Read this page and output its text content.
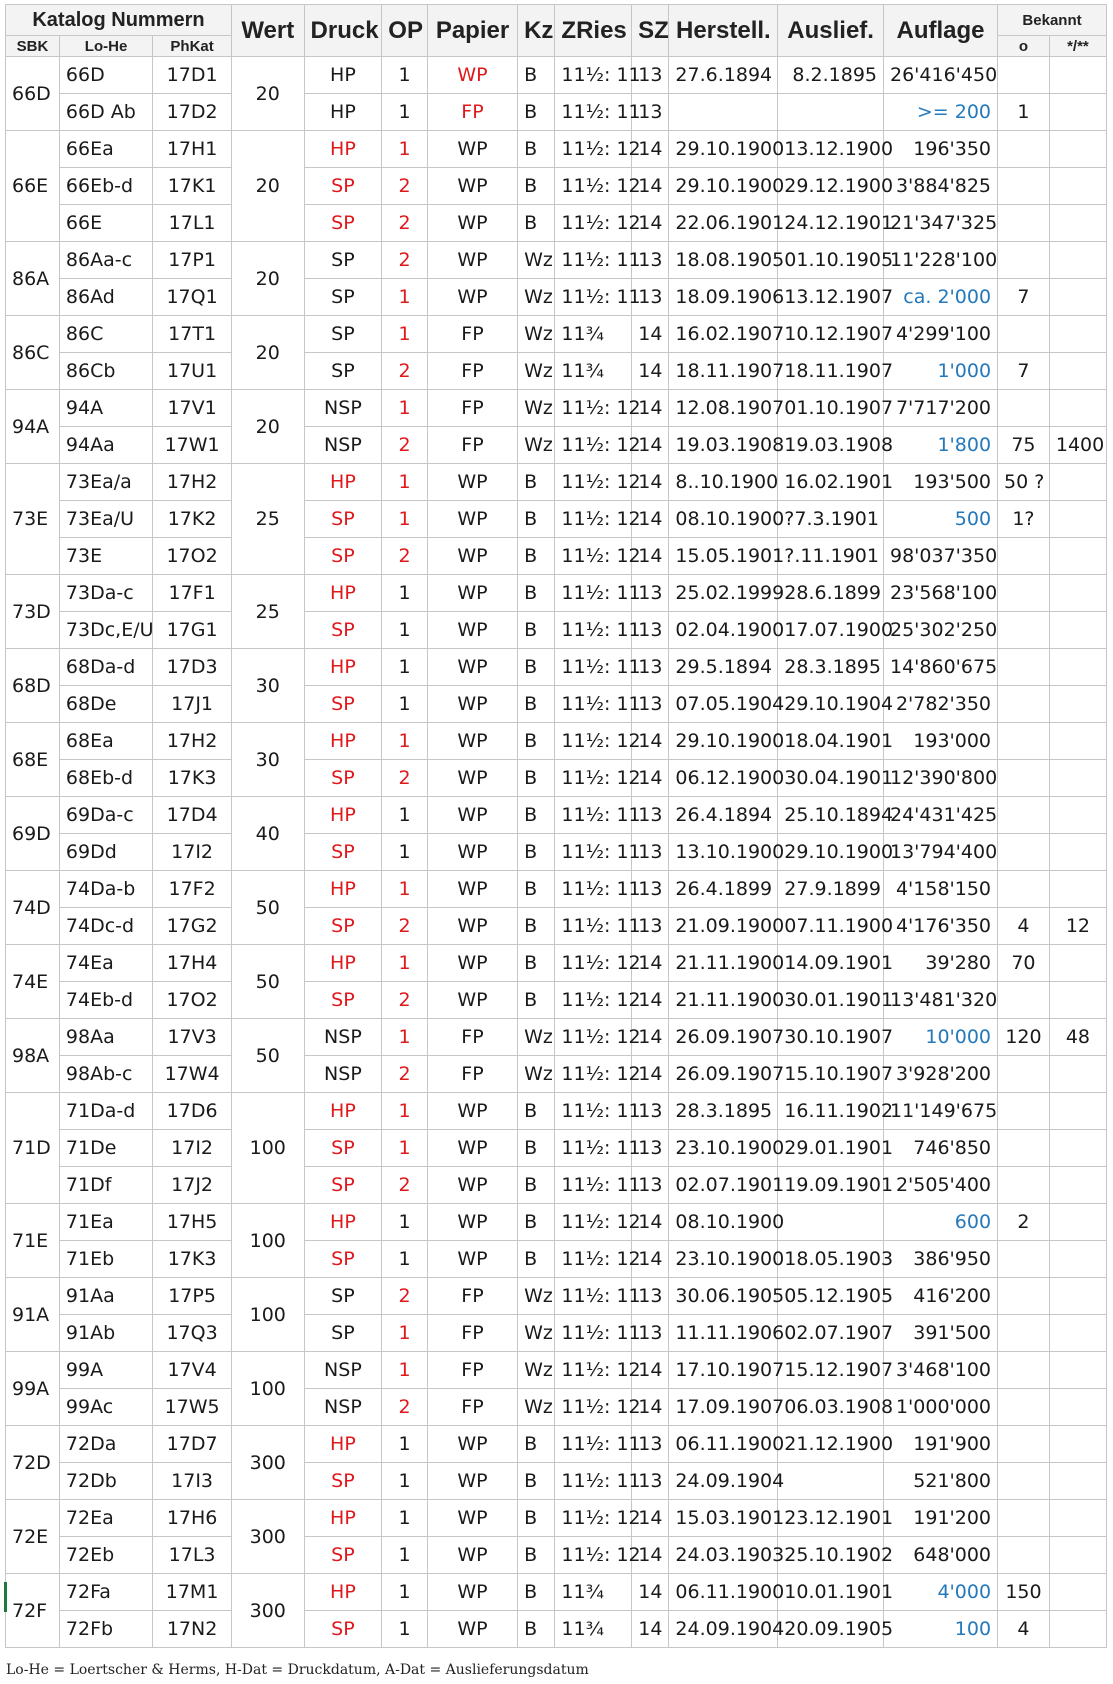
Katalog Nummern			Wert	Druck	OP	Papier	Kz	ZRies	SZ	Herstell.	Auslief.	Auflage	Bekannt	
SBK	Lo-He	PhKat											o	*/**
66D	66D	17D1	20	HP	1	WP	B	11½: 11	13	27.6.1894	8.2.1895	26'416'450		
	66D Ab	17D2		HP	1	FP	B	11½: 11	13			>= 200	1	
66E	66Ea	17H1	20	HP	1	WP	B	11½: 12	14	29.10.1900	13.12.1900	196'350		
	66Eb-d	17K1		SP	2	WP	B	11½: 12	14	29.10.1900	29.12.1900	3'884'825		
	66E	17L1		SP	2	WP	B	11½: 12	14	22.06.1901	24.12.1901	21'347'325		
86A	86Aa-c	17P1	20	SP	2	WP	Wz	11½: 11	13	18.08.1905	01.10.1905	11'228'100		
	86Ad	17Q1		SP	1	WP	Wz	11½: 11	13	18.09.1906	13.12.1907	ca. 2'000	7	
86C	86C	17T1	20	SP	1	FP	Wz	11¾	14	16.02.1907	10.12.1907	4'299'100		
	86Cb	17U1		SP	2	FP	Wz	11¾	14	18.11.1907	18.11.1907	1'000	7	
94A	94A	17V1	20	NSP	1	FP	Wz	11½: 12	14	12.08.1907	01.10.1907	7'717'200		
	94Aa	17W1		NSP	2	FP	Wz	11½: 12	14	19.03.1908	19.03.1908	1'800	75	1400
73E	73Ea/a	17H2	25	HP	1	WP	B	11½: 12	14	8..10.1900	16.02.1901	193'500	50 ?	
	73Ea/U	17K2		SP	1	WP	B	11½: 12	14	08.10.1900	?7.3.1901	500	1?	
	73E	17O2		SP	2	WP	B	11½: 12	14	15.05.1901	?.11.1901	98'037'350		
73D	73Da-c	17F1	25	HP	1	WP	B	11½: 11	13	25.02.1999	28.6.1899	23'568'100		
	73Dc,E/U	17G1		SP	1	WP	B	11½: 11	13	02.04.1900	17.07.1900	25'302'250		
68D	68Da-d	17D3	30	HP	1	WP	B	11½: 11	13	29.5.1894	28.3.1895	14'860'675		
	68De	17J1		SP	1	WP	B	11½: 11	13	07.05.1904	29.10.1904	2'782'350		
68E	68Ea	17H2	30	HP	1	WP	B	11½: 12	14	29.10.1900	18.04.1901	193'000		
	68Eb-d	17K3		SP	2	WP	B	11½: 12	14	06.12.1900	30.04.1901	12'390'800		
69D	69Da-c	17D4	40	HP	1	WP	B	11½: 11	13	26.4.1894	25.10.1894	24'431'425		
	69Dd	17I2		SP	1	WP	B	11½: 11	13	13.10.1900	29.10.1900	13'794'400		
74D	74Da-b	17F2	50	HP	1	WP	B	11½: 11	13	26.4.1899	27.9.1899	4'158'150		
	74Dc-d	17G2		SP	2	WP	B	11½: 11	13	21.09.1900	07.11.1900	4'176'350	4	12
74E	74Ea	17H4	50	HP	1	WP	B	11½: 12	14	21.11.1900	14.09.1901	39'280	70	
	74Eb-d	17O2		SP	2	WP	B	11½: 12	14	21.11.1900	30.01.1901	13'481'320		
98A	98Aa	17V3	50	NSP	1	FP	Wz	11½: 12	14	26.09.1907	30.10.1907	10'000	120	48
	98Ab-c	17W4		NSP	2	FP	Wz	11½: 12	14	26.09.1907	15.10.1907	3'928'200		
71D	71Da-d	17D6	100	HP	1	WP	B	11½: 11	13	28.3.1895	16.11.1902	11'149'675		
	71De	17I2		SP	1	WP	B	11½: 11	13	23.10.1900	29.01.1901	746'850		
	71Df	17J2		SP	2	WP	B	11½: 11	13	02.07.1901	19.09.1901	2'505'400		
71E	71Ea	17H5	100	HP	1	WP	B	11½: 12	14	08.10.1900		600	2	
	71Eb	17K3		SP	1	WP	B	11½: 12	14	23.10.1900	18.05.1903	386'950		
91A	91Aa	17P5	100	SP	2	FP	Wz	11½: 11	13	30.06.1905	05.12.1905	416'200		
	91Ab	17Q3		SP	1	FP	Wz	11½: 11	13	11.11.1906	02.07.1907	391'500		
99A	99A	17V4	100	NSP	1	FP	Wz	11½: 12	14	17.10.1907	15.12.1907	3'468'100		
	99Ac	17W5		NSP	2	FP	Wz	11½: 12	14	17.09.1907	06.03.1908	1'000'000		
72D	72Da	17D7	300	HP	1	WP	B	11½: 11	13	06.11.1900	21.12.1900	191'900		
	72Db	17I3		SP	1	WP	B	11½: 11	13	24.09.1904		521'800		
72E	72Ea	17H6	300	HP	1	WP	B	11½: 12	14	15.03.1901	23.12.1901	191'200		
	72Eb	17L3		SP	1	WP	B	11½: 12	14	24.03.1903	25.10.1902	648'000		
72F	72Fa	17M1	300	HP	1	WP	B	11¾	14	06.11.1900	10.01.1901	4'000	150	
	72Fb	17N2		SP	1	WP	B	11¾	14	24.09.1904	20.09.1905	100	4	
Lo-He = Loertscher & Herms, H-Dat = Druckdatum, A-Dat = Auslieferungsdatum
